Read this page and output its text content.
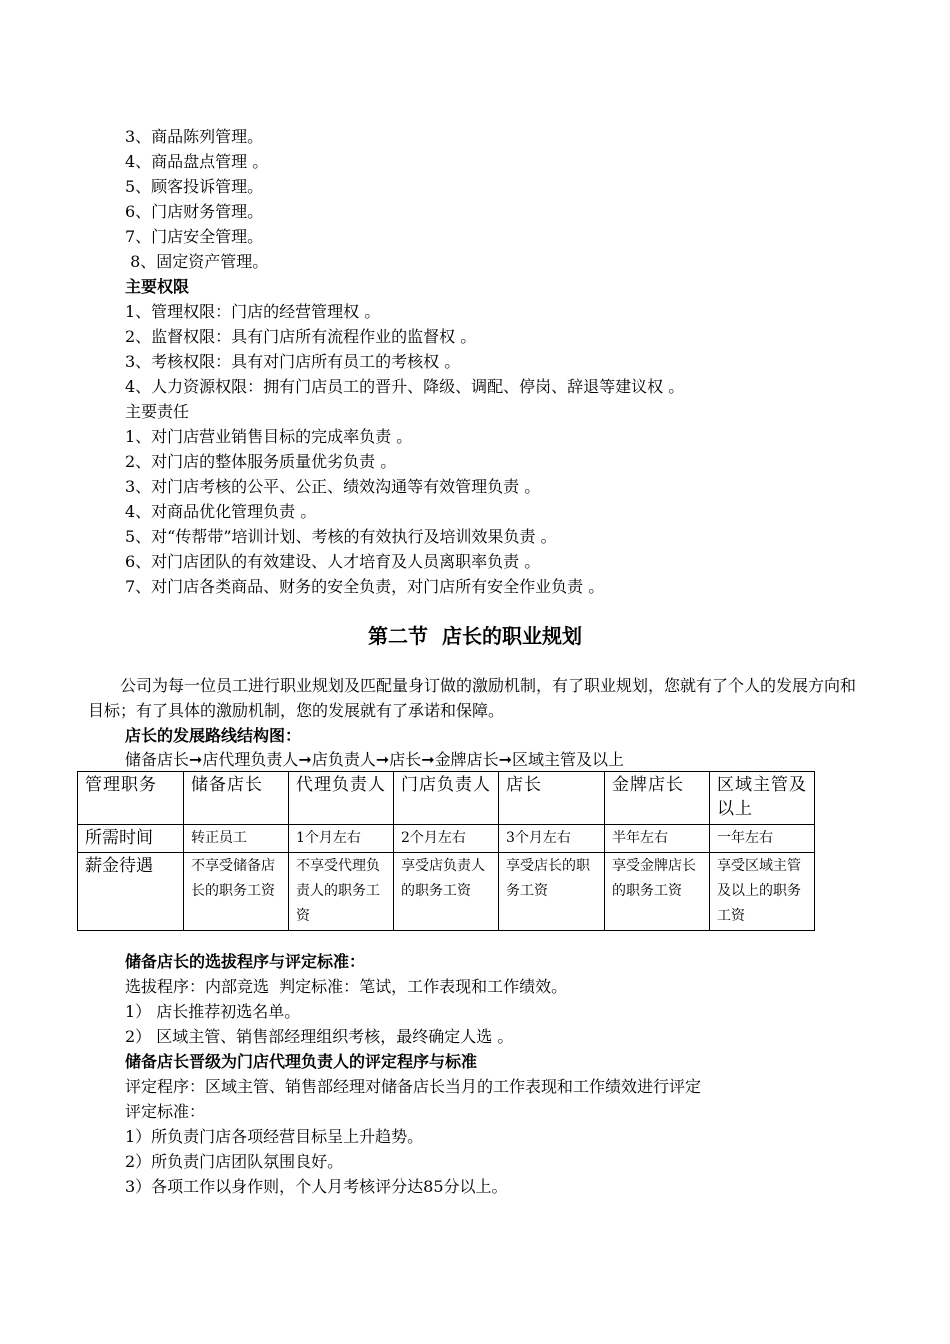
3、商品陈列管理。
4、商品盘点管理 。
5、顾客投诉管理。
6、门店财务管理。
7、门店安全管理。
8、固定资产管理。
主要权限
1、管理权限：门店的经营管理权 。
2、监督权限：具有门店所有流程作业的监督权 。
3、考核权限：具有对门店所有员工的考核权 。
4、人力资源权限：拥有门店员工的晋升、降级、调配、停岗、辞退等建议权 。
主要责任
1、对门店营业销售目标的完成率负责 。
2、对门店的整体服务质量优劣负责 。
3、对门店考核的公平、公正、绩效沟通等有效管理负责 。
4、对商品优化管理负责 。
5、对“传帮带”培训计划、考核的有效执行及培训效果负责 。
6、对门店团队的有效建设、人才培育及人员离职率负责 。
7、对门店各类商品、财务的安全负责，对门店所有安全作业负责 。
第二节  店长的职业规划
公司为每一位员工进行职业规划及匹配量身订做的激励机制，有了职业规划，您就有了个人的发展方向和目标；有了具体的激励机制，您的发展就有了承诺和保障。
店长的发展路线结构图：
储备店长➞店代理负责人➞店负责人➞店长➞金牌店长➞区域主管及以上
管理职务	储备店长	代理负责人	门店负责人	店长	金牌店长	区域主管及以上
所需时间	转正员工	1个月左右	2个月左右	3个月左右	半年左右	一年左右
薪金待遇	不享受储备店长的职务工资	不享受代理负责人的职务工资	享受店负责人的职务工资	享受店长的职务工资	享受金牌店长的职务工资	享受区域主管及以上的职务工资
储备店长的选拔程序与评定标准：
选拔程序：内部竞选  判定标准：笔试，工作表现和工作绩效。
1） 店长推荐初选名单。
2） 区域主管、销售部经理组织考核，最终确定人选 。
储备店长晋级为门店代理负责人的评定程序与标准
评定程序：区域主管、销售部经理对储备店长当月的工作表现和工作绩效进行评定
评定标准：
1）所负责门店各项经营目标呈上升趋势。
2）所负责门店团队氛围良好。
3）各项工作以身作则，个人月考核评分达85分以上。
